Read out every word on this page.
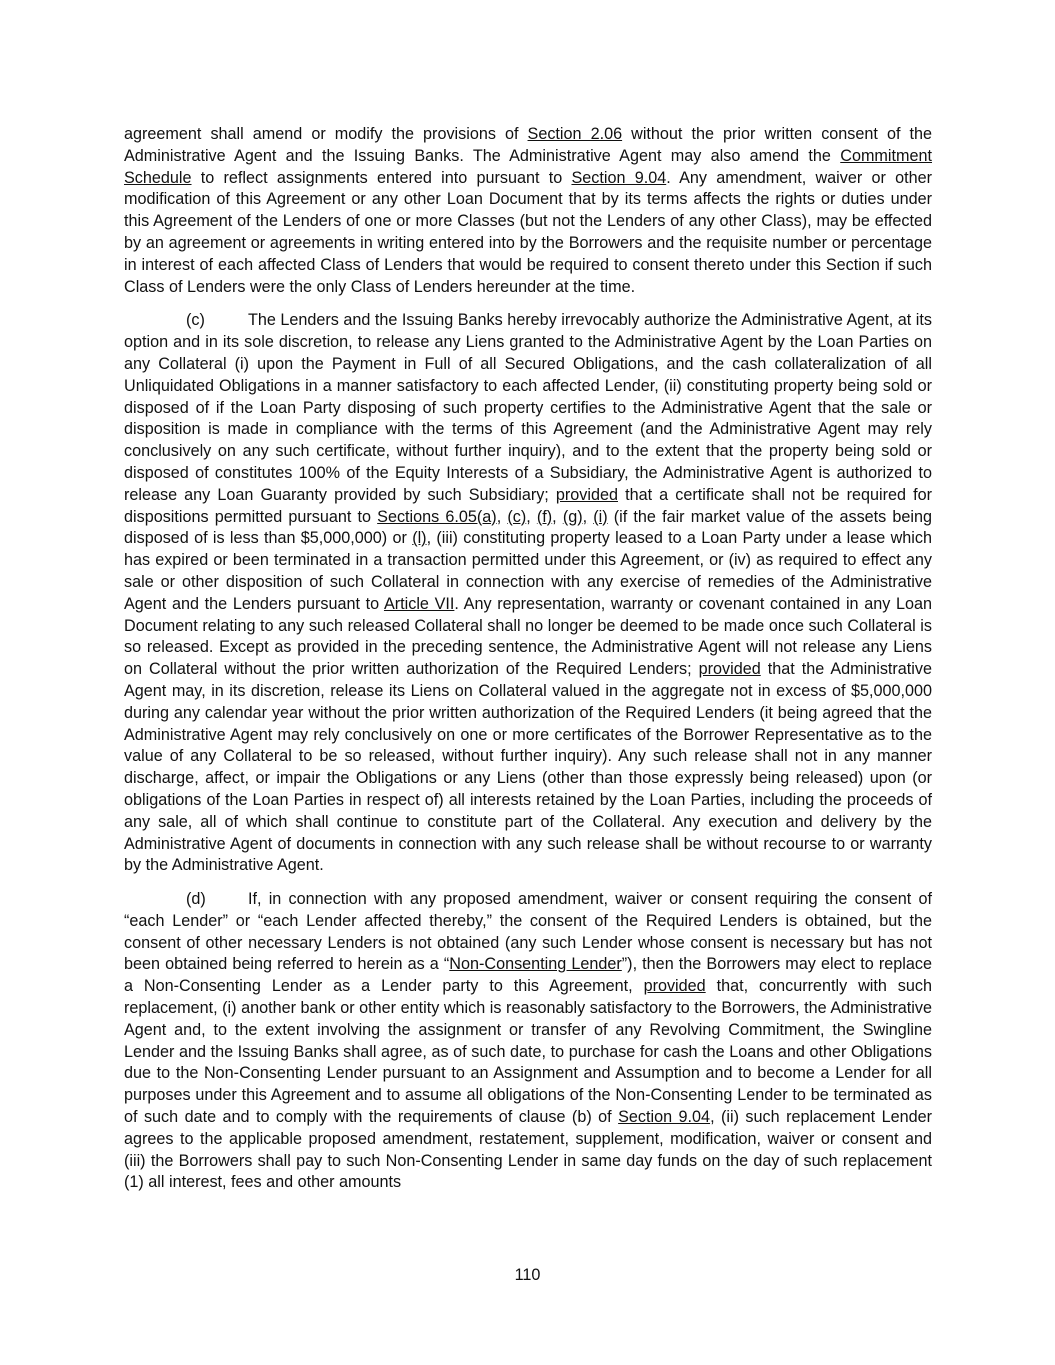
agreement shall amend or modify the provisions of Section 2.06 without the prior written consent of the Administrative Agent and the Issuing Banks. The Administrative Agent may also amend the Commitment Schedule to reflect assignments entered into pursuant to Section 9.04. Any amendment, waiver or other modification of this Agreement or any other Loan Document that by its terms affects the rights or duties under this Agreement of the Lenders of one or more Classes (but not the Lenders of any other Class), may be effected by an agreement or agreements in writing entered into by the Borrowers and the requisite number or percentage in interest of each affected Class of Lenders that would be required to consent thereto under this Section if such Class of Lenders were the only Class of Lenders hereunder at the time.

(c)	The Lenders and the Issuing Banks hereby irrevocably authorize the Administrative Agent, at its option and in its sole discretion, to release any Liens granted to the Administrative Agent by the Loan Parties on any Collateral (i) upon the Payment in Full of all Secured Obligations, and the cash collateralization of all Unliquidated Obligations in a manner satisfactory to each affected Lender, (ii) constituting property being sold or disposed of if the Loan Party disposing of such property certifies to the Administrative Agent that the sale or disposition is made in compliance with the terms of this Agreement (and the Administrative Agent may rely conclusively on any such certificate, without further inquiry), and to the extent that the property being sold or disposed of constitutes 100% of the Equity Interests of a Subsidiary, the Administrative Agent is authorized to release any Loan Guaranty provided by such Subsidiary; provided that a certificate shall not be required for dispositions permitted pursuant to Sections 6.05(a), (c), (f), (g), (i) (if the fair market value of the assets being disposed of is less than $5,000,000) or (l), (iii) constituting property leased to a Loan Party under a lease which has expired or been terminated in a transaction permitted under this Agreement, or (iv) as required to effect any sale or other disposition of such Collateral in connection with any exercise of remedies of the Administrative Agent and the Lenders pursuant to Article VII. Any representation, warranty or covenant contained in any Loan Document relating to any such released Collateral shall no longer be deemed to be made once such Collateral is so released. Except as provided in the preceding sentence, the Administrative Agent will not release any Liens on Collateral without the prior written authorization of the Required Lenders; provided that the Administrative Agent may, in its discretion, release its Liens on Collateral valued in the aggregate not in excess of $5,000,000 during any calendar year without the prior written authorization of the Required Lenders (it being agreed that the Administrative Agent may rely conclusively on one or more certificates of the Borrower Representative as to the value of any Collateral to be so released, without further inquiry). Any such release shall not in any manner discharge, affect, or impair the Obligations or any Liens (other than those expressly being released) upon (or obligations of the Loan Parties in respect of) all interests retained by the Loan Parties, including the proceeds of any sale, all of which shall continue to constitute part of the Collateral. Any execution and delivery by the Administrative Agent of documents in connection with any such release shall be without recourse to or warranty by the Administrative Agent.

(d)	If, in connection with any proposed amendment, waiver or consent requiring the consent of “each Lender” or “each Lender affected thereby,” the consent of the Required Lenders is obtained, but the consent of other necessary Lenders is not obtained (any such Lender whose consent is necessary but has not been obtained being referred to herein as a “Non-Consenting Lender”), then the Borrowers may elect to replace a Non-Consenting Lender as a Lender party to this Agreement, provided that, concurrently with such replacement, (i) another bank or other entity which is reasonably satisfactory to the Borrowers, the Administrative Agent and, to the extent involving the assignment or transfer of any Revolving Commitment, the Swingline Lender and the Issuing Banks shall agree, as of such date, to purchase for cash the Loans and other Obligations due to the Non-Consenting Lender pursuant to an Assignment and Assumption and to become a Lender for all purposes under this Agreement and to assume all obligations of the Non-Consenting Lender to be terminated as of such date and to comply with the requirements of clause (b) of Section 9.04, (ii) such replacement Lender agrees to the applicable proposed amendment, restatement, supplement, modification, waiver or consent and (iii) the Borrowers shall pay to such Non-Consenting Lender in same day funds on the day of such replacement (1) all interest, fees and other amounts

110
